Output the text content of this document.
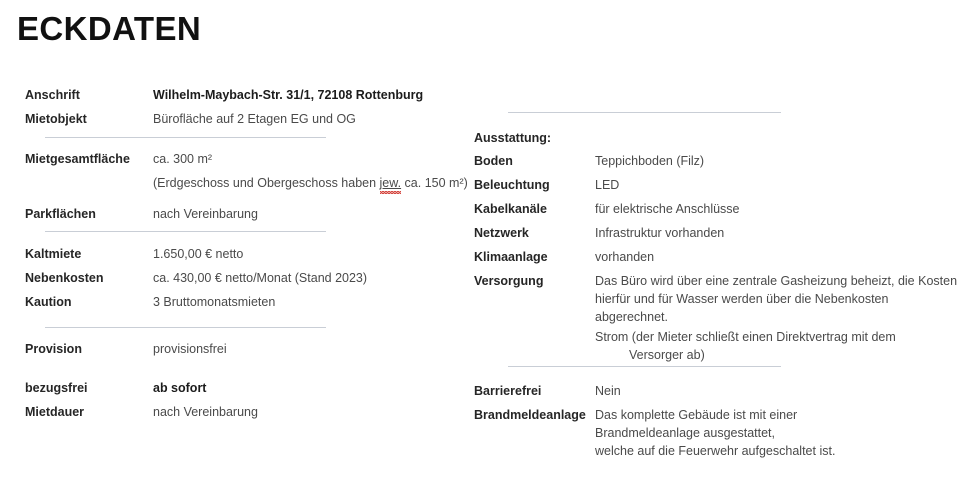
ECKDATEN
Anschrift	Wilhelm-Maybach-Str. 31/1, 72108 Rottenburg
Mietobjekt	Bürofläche auf 2 Etagen EG und OG
Mietgesamtfläche	ca. 300 m²
(Erdgeschoss und Obergeschoss haben jew. ca. 150 m²)
Parkflächen	nach Vereinbarung
Kaltmiete	1.650,00 € netto
Nebenkosten	ca. 430,00 € netto/Monat (Stand 2023)
Kaution	3 Bruttomonatsmieten
Provision	provisionsfrei
bezugsfrei	ab sofort
Mietdauer	nach Vereinbarung
Ausstattung:
Boden	Teppichboden (Filz)
Beleuchtung	LED
Kabelkanäle	für elektrische Anschlüsse
Netzwerk	Infrastruktur vorhanden
Klimaanlage	vorhanden
Versorgung	Das Büro wird über eine zentrale Gasheizung beheizt, die Kosten
hierfür und für Wasser werden über die Nebenkosten
abgerechnet.
Strom (der Mieter schließt einen Direktvertrag mit dem
Versorger ab)
Barrierefrei	Nein
Brandmeldeanlage Das komplette Gebäude ist mit einer
Brandmeldeanlage ausgestattet,
welche auf die Feuerwehr aufgeschaltet ist.
